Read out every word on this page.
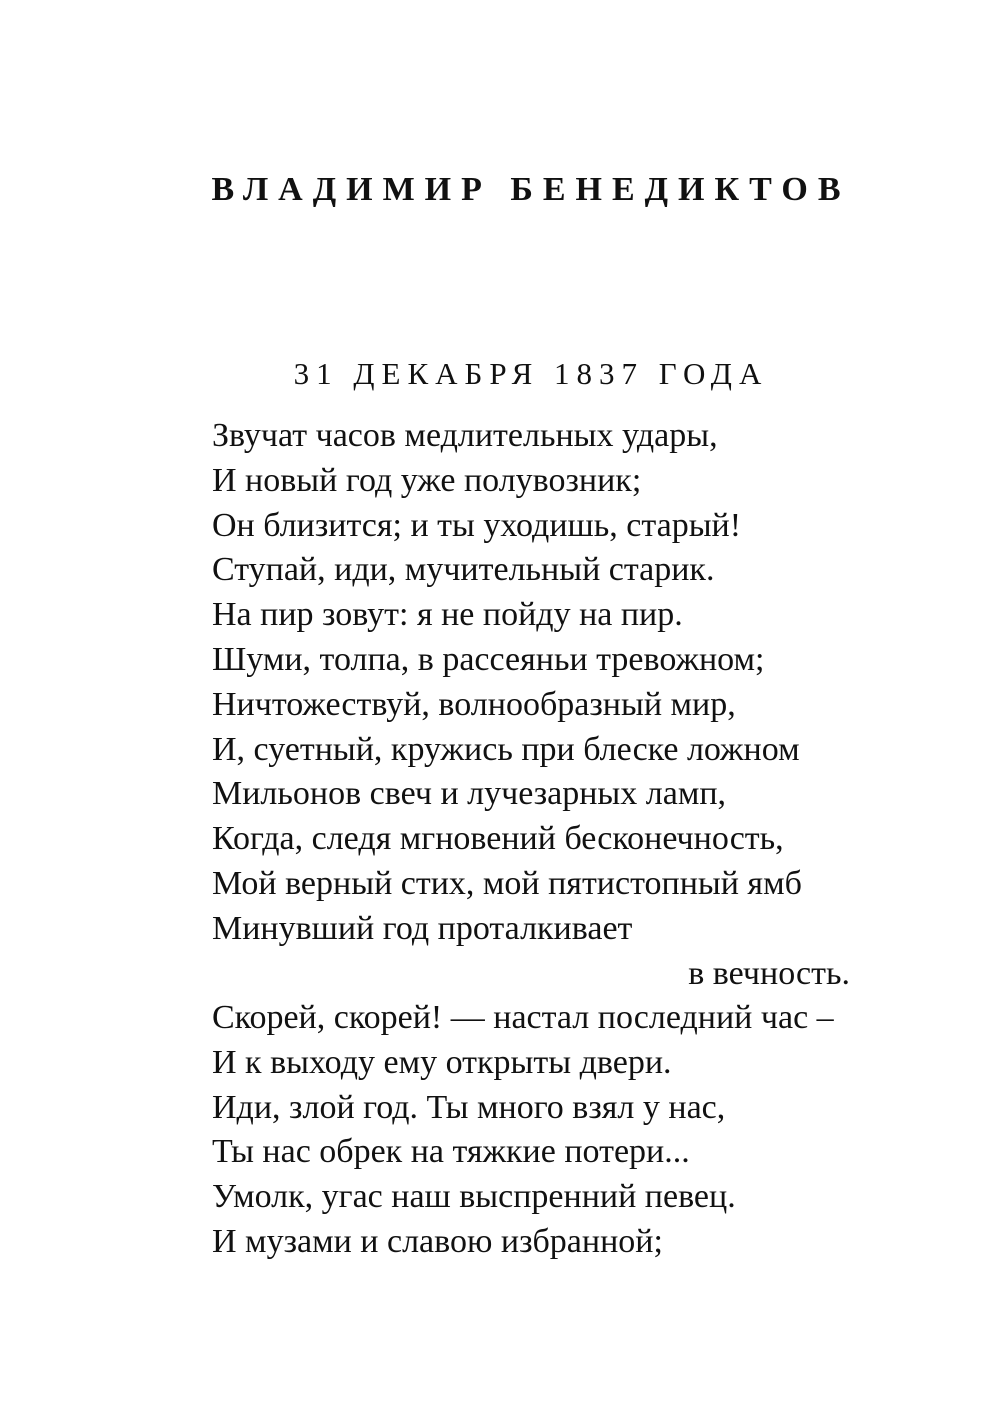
ВЛАДИМИР БЕНЕДИКТОВ
31 ДЕКАБРЯ 1837 ГОДА
Звучат часов медлительных удары,
И новый год уже полувозник;
Он близится; и ты уходишь, старый!
Ступай, иди, мучительный старик.
На пир зовут: я не пойду на пир.
Шуми, толпа, в рассеяньи тревожном;
Ничтожествуй, волнообразный мир,
И, суетный, кружись при блеске ложном
Мильонов свеч и лучезарных ламп,
Когда, следя мгновений бесконечность,
Мой верный стих, мой пятистопный ямб
Минувший год проталкивает
в вечность.
Скорей, скорей! — настал последний час –
И к выходу ему открыты двери.
Иди, злой год. Ты много взял у нас,
Ты нас обрек на тяжкие потери...
Умолк, угас наш выспренний певец.
И музами и славою избранной;
